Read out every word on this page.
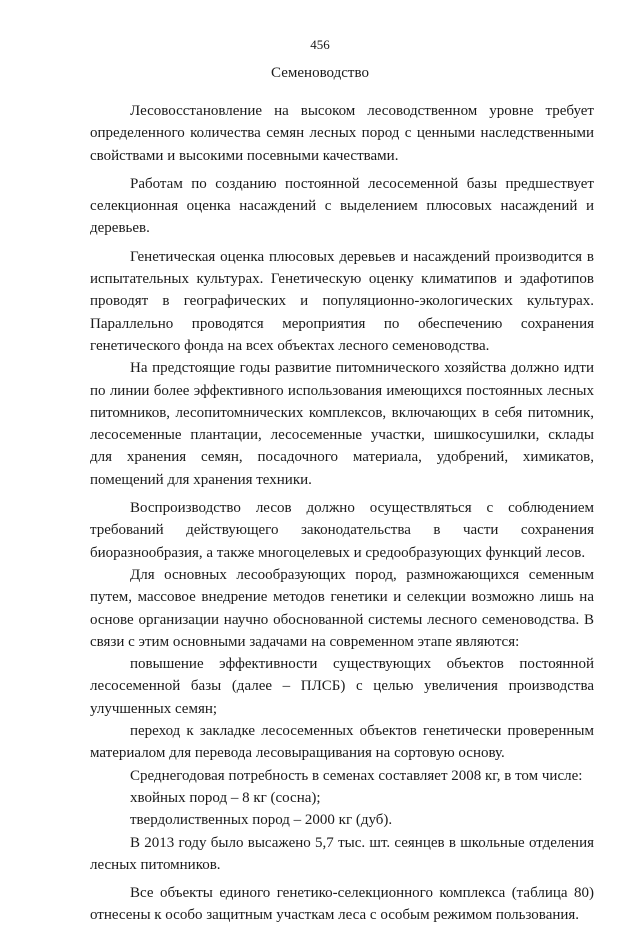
456
Семеноводство

Лесовосстановление на высоком лесоводственном уровне требует определенного количества семян лесных пород с ценными наследственными свойствами и высокими посевными качествами.

Работам по созданию постоянной лесосеменной базы предшествует селекционная оценка насаждений с выделением плюсовых насаждений и деревьев.

Генетическая оценка плюсовых деревьев и насаждений производится в испытательных культурах. Генетическую оценку климатипов и эдафотипов проводят в географических и популяционно-экологических культурах. Параллельно проводятся мероприятия по обеспечению сохранения генетического фонда на всех объектах лесного семеноводства.

На предстоящие годы развитие питомнического хозяйства должно идти по линии более эффективного использования имеющихся постоянных лесных питомников, лесопитомнических комплексов, включающих в себя питомник, лесосеменные плантации, лесосеменные участки, шишкосушилки, склады для хранения семян, посадочного материала, удобрений, химикатов, помещений для хранения техники.

Воспроизводство лесов должно осуществляться с соблюдением требований действующего законодательства в части сохранения биоразнообразия, а также многоцелевых и средообразующих функций лесов.

Для основных лесообразующих пород, размножающихся семенным путем, массовое внедрение методов генетики и селекции возможно лишь на основе организации научно обоснованной системы лесного семеноводства. В связи с этим основными задачами на современном этапе являются:

повышение эффективности существующих объектов постоянной лесосеменной базы (далее – ПЛСБ) с целью увеличения производства улучшенных семян;

переход к закладке лесосеменных объектов генетически проверенным материалом для перевода лесовыращивания на сортовую основу.

Среднегодовая потребность в семенах составляет 2008 кг, в том числе:

хвойных пород – 8 кг (сосна);

твердолиственных пород – 2000 кг (дуб).

В 2013 году было высажено 5,7 тыс. шт. сеянцев в школьные отделения лесных питомников.

Все объекты единого генетико-селекционного комплекса (таблица 80) отнесены к особо защитным участкам леса с особым режимом пользования.
